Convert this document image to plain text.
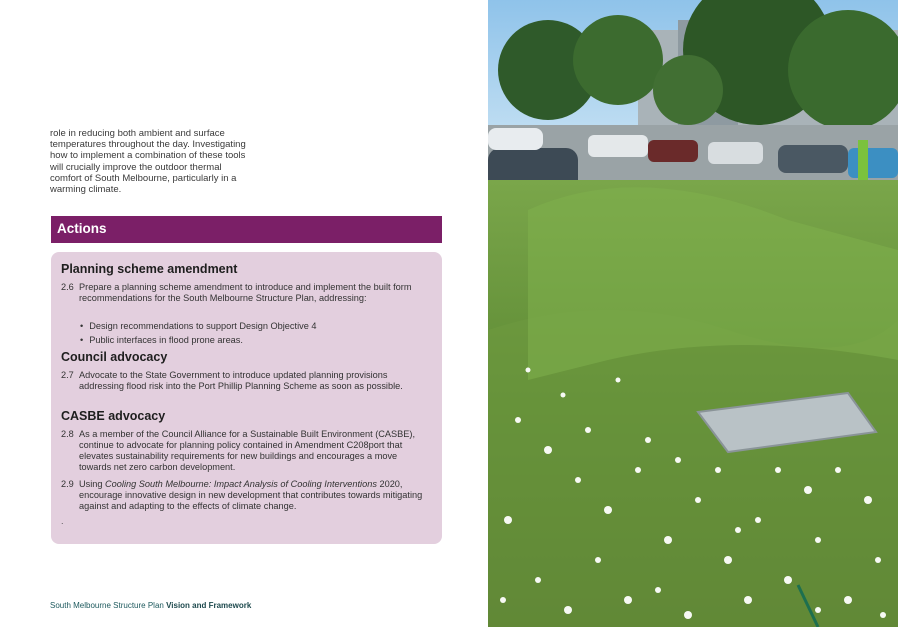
role in reducing both ambient and surface temperatures throughout the day. Investigating how to implement a combination of these tools will crucially improve the outdoor thermal comfort of South Melbourne, particularly in a warming climate.
Actions
Planning scheme amendment
2.6 Prepare a planning scheme amendment to introduce and implement the built form recommendations for the South Melbourne Structure Plan, addressing:
• Design recommendations to support Design Objective 4
• Public interfaces in flood prone areas.
Council advocacy
2.7 Advocate to the State Government to introduce updated planning provisions addressing flood risk into the Port Phillip Planning Scheme as soon as possible.
CASBE advocacy
2.8 As a member of the Council Alliance for a Sustainable Built Environment (CASBE), continue to advocate for planning policy contained in Amendment C208port that elevates sustainability requirements for new buildings and encourages a move towards net zero carbon development.
2.9 Using Cooling South Melbourne: Impact Analysis of Cooling Interventions 2020, encourage innovative design in new development that contributes towards mitigating against and adapting to the effects of climate change.
.
South Melbourne Structure Plan Vision and Framework
